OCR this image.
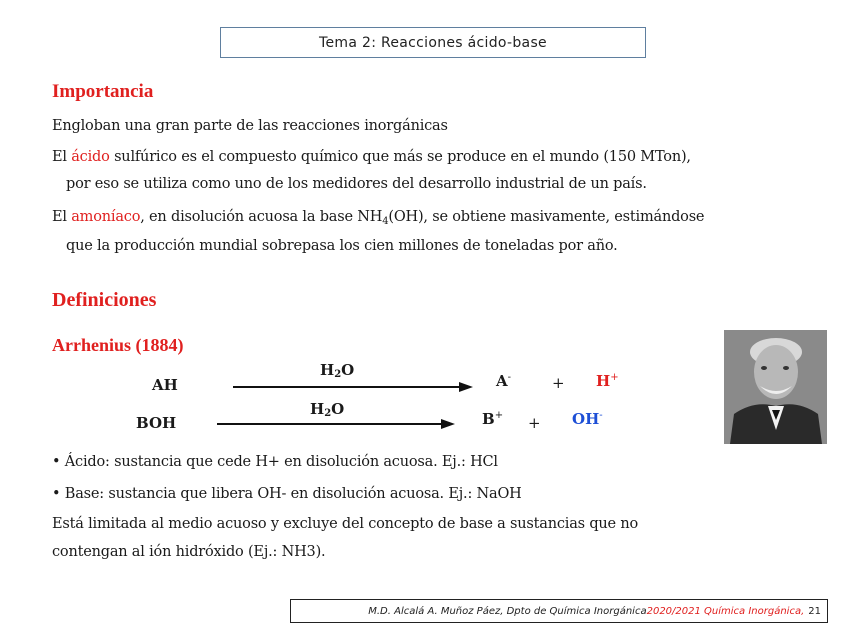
Tema 2: Reacciones ácido-base
Importancia

Engloban una gran parte de las reacciones inorgánicas

El ácido sulfúrico es el compuesto químico que más se produce en el mundo (150 MTon),

por eso se utiliza como uno de los medidores del desarrollo industrial de un país.

El amoníaco, en disolución acuosa la base $NH_4(OH)$, se obtiene masivamente, estimándose

que la producción mundial sobrepasa los cien millones de toneladas por año.

Definiciones
Arrhenius (1884)
AH
H2O
A-	+ H+
BOH
H2O
B+ + OH-

• Ácido: sustancia que cede H+ en disolución acuosa. Ej.: HCl

• Base: sustancia que libera OH- en disolución acuosa. Ej.: NaOH

Está limitada al medio acuoso y excluye del concepto de base a sustancias que no

contengan al ión hidróxido (Ej.: NH3).

M.D. Alcalá A. Muñoz Páez, Dpto de Química Inorgánica 2020/2021 Química Inorgánica, 21
